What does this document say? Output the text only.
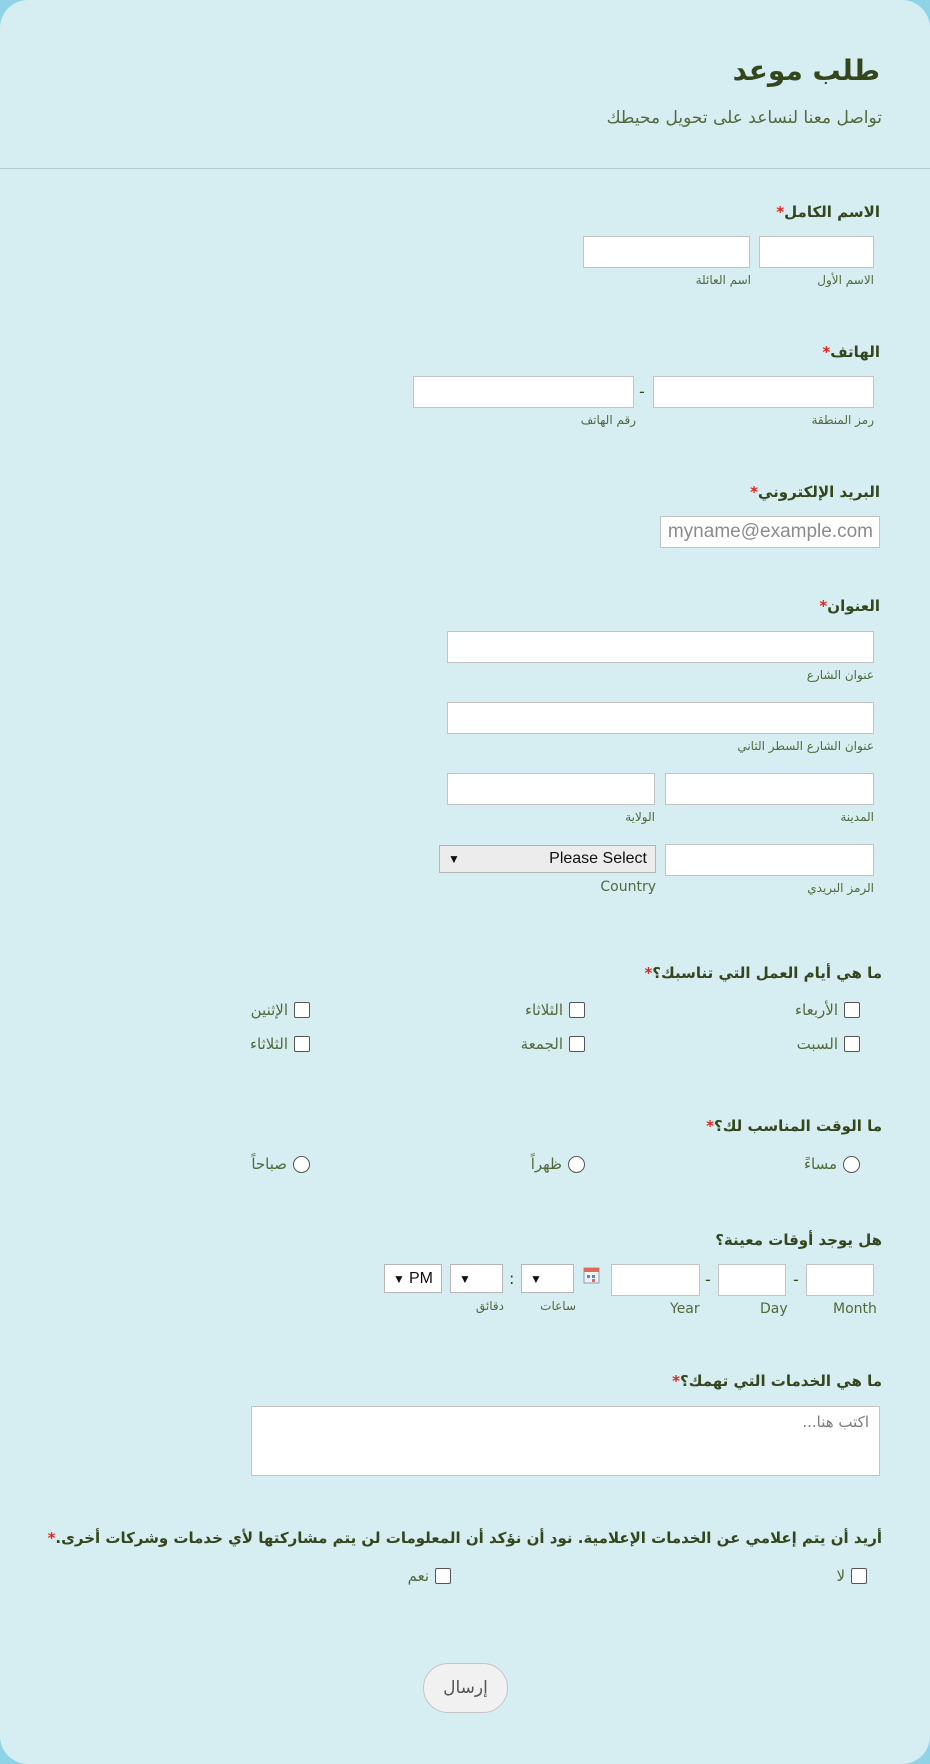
طلب موعد
تواصل معنا لنساعد على تحويل محيطك
الاسم الكامل*
الاسم الأول
اسم العائلة
الهاتف*
-
رمز المنطقة
رقم الهاتف
البريد الإلكتروني*
myname@example.com
العنوان*
عنوان الشارع
عنوان الشارع السطر الثاني
المدينة
الولاية
▼	Please Select
الرمز البريدي
Country
ما هي أيام العمل التي تناسبك؟*
الأربعاء
الثلاثاء
الإثنين
السبت
الجمعة
الثلاثاء
ما الوقت المناسب لك؟*
مساءً
ظهراً
صباحاً
هل يوجد أوقات معينة؟
-
-
▼
:
▼
▼ PM
Month
Day
Year
ساعات
دقائق
ما هي الخدمات التي تهمك؟*
اكتب هنا...
أريد أن يتم إعلامي عن الخدمات الإعلامية. نود أن نؤكد أن المعلومات لن يتم مشاركتها لأي خدمات وشركات أخرى.*
لا
نعم
إرسال
